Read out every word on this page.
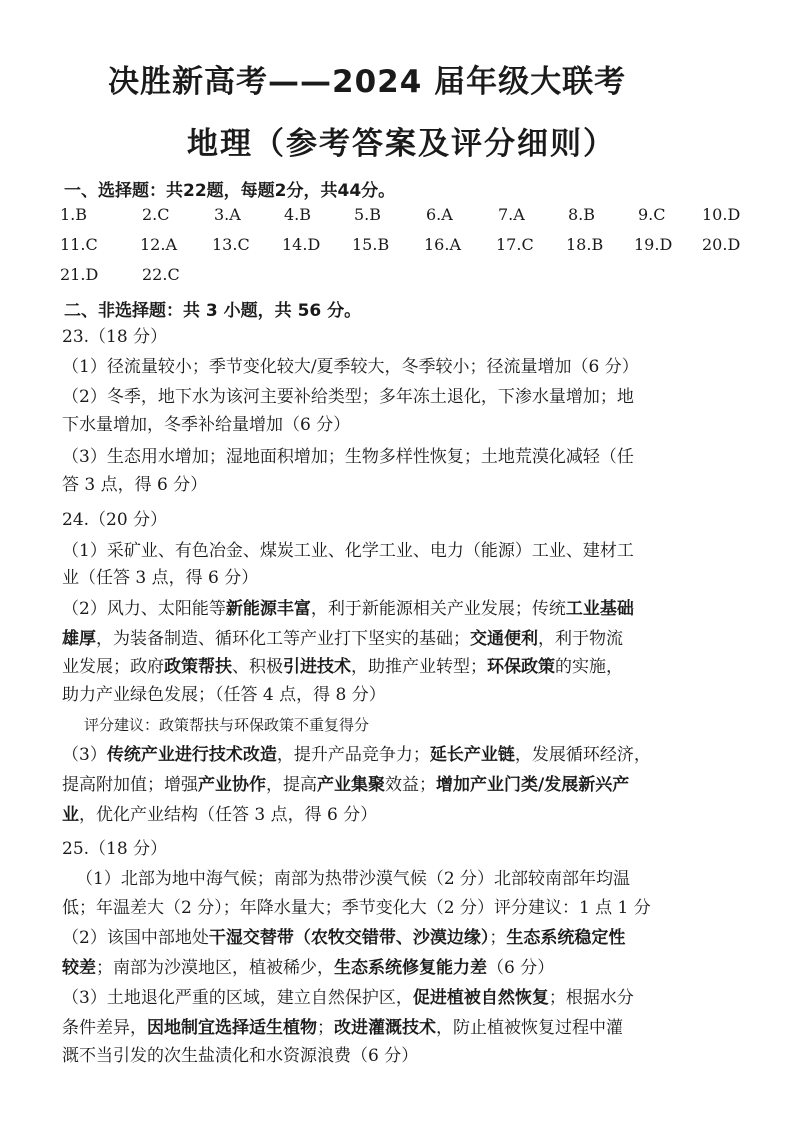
决胜新高考——2024 届年级大联考
地理（参考答案及评分细则）
一、选择题：共22题，每题2分，共44分。
1.B	2.C	3.A	4.B	5.B	6.A	7.A	8.B	9.C 10.D
11.C	12.A 13.C 14.D 15.B 16.A 17.C 18.B 19.D 20.D
21.D	22.C
二、非选择题：共 3 小题，共 56 分。
23.（18 分）
（1）径流量较小；季节变化较大/夏季较大，冬季较小；径流量增加（6 分）
（2）冬季，地下水为该河主要补给类型；多年冻土退化，下渗水量增加；地
下水量增加，冬季补给量增加（6 分）
（3）生态用水增加；湿地面积增加；生物多样性恢复；土地荒漠化减轻（任
答 3 点，得 6 分）
24.（20 分）
（1）采矿业、有色冶金、煤炭工业、化学工业、电力（能源）工业、建材工
业（任答 3 点，得 6 分）
（2）风力、太阳能等新能源丰富，利于新能源相关产业发展；传统工业基础
雄厚，为装备制造、循环化工等产业打下坚实的基础；交通便利，利于物流
业发展；政府政策帮扶、积极引进技术，助推产业转型；环保政策的实施，
助力产业绿色发展；（任答 4 点，得 8 分）
评分建议：政策帮扶与环保政策不重复得分
（3）传统产业进行技术改造，提升产品竞争力；延长产业链，发展循环经济，
提高附加值；增强产业协作，提高产业集聚效益；增加产业门类/发展新兴产
业，优化产业结构（任答 3 点，得 6 分）
25.（18 分）
（1）北部为地中海气候；南部为热带沙漠气候（2 分）北部较南部年均温
低；年温差大（2 分）；年降水量大；季节变化大（2 分）评分建议：1 点 1 分
（2）该国中部地处干湿交替带（农牧交错带、沙漠边缘）；生态系统稳定性
较差；南部为沙漠地区，植被稀少，生态系统修复能力差（6 分）
（3）土地退化严重的区域，建立自然保护区，促进植被自然恢复；根据水分
条件差异，因地制宜选择适生植物；改进灌溉技术，防止植被恢复过程中灌
溉不当引发的次生盐渍化和水资源浪费（6 分）
